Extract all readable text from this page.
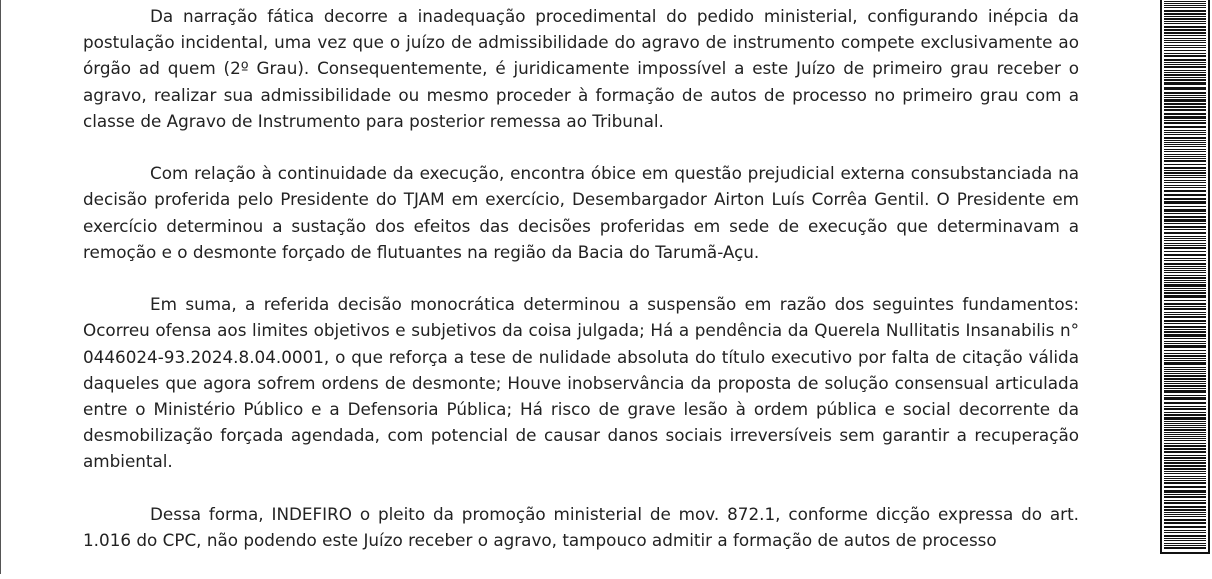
Da narração fática decorre a inadequação procedimental do pedido ministerial, configurando inépcia da postulação incidental, uma vez que o juízo de admissibilidade do agravo de instrumento compete exclusivamente ao órgão ad quem (2º Grau). Consequentemente, é juridicamente impossível a este Juízo de primeiro grau receber o agravo, realizar sua admissibilidade ou mesmo proceder à formação de autos de processo no primeiro grau com a classe de Agravo de Instrumento para posterior remessa ao Tribunal.

Com relação à continuidade da execução, encontra óbice em questão prejudicial externa consubstanciada na decisão proferida pelo Presidente do TJAM em exercício, Desembargador Airton Luís Corrêa Gentil. O Presidente em exercício determinou a sustação dos efeitos das decisões proferidas em sede de execução que determinavam a remoção e o desmonte forçado de flutuantes na região da Bacia do Tarumã-Açu.

Em suma, a referida decisão monocrática determinou a suspensão em razão dos seguintes fundamentos: Ocorreu ofensa aos limites objetivos e subjetivos da coisa julgada; Há a pendência da Querela Nullitatis Insanabilis n° 0446024-93.2024.8.04.0001, o que reforça a tese de nulidade absoluta do título executivo por falta de citação válida daqueles que agora sofrem ordens de desmonte; Houve inobservância da proposta de solução consensual articulada entre o Ministério Público e a Defensoria Pública; Há risco de grave lesão à ordem pública e social decorrente da desmobilização forçada agendada, com potencial de causar danos sociais irreversíveis sem garantir a recuperação ambiental.

Dessa forma, INDEFIRO o pleito da promoção ministerial de mov. 872.1, conforme dicção expressa do art. 1.016 do CPC, não podendo este Juízo receber o agravo, tampouco admitir a formação de autos de processo
